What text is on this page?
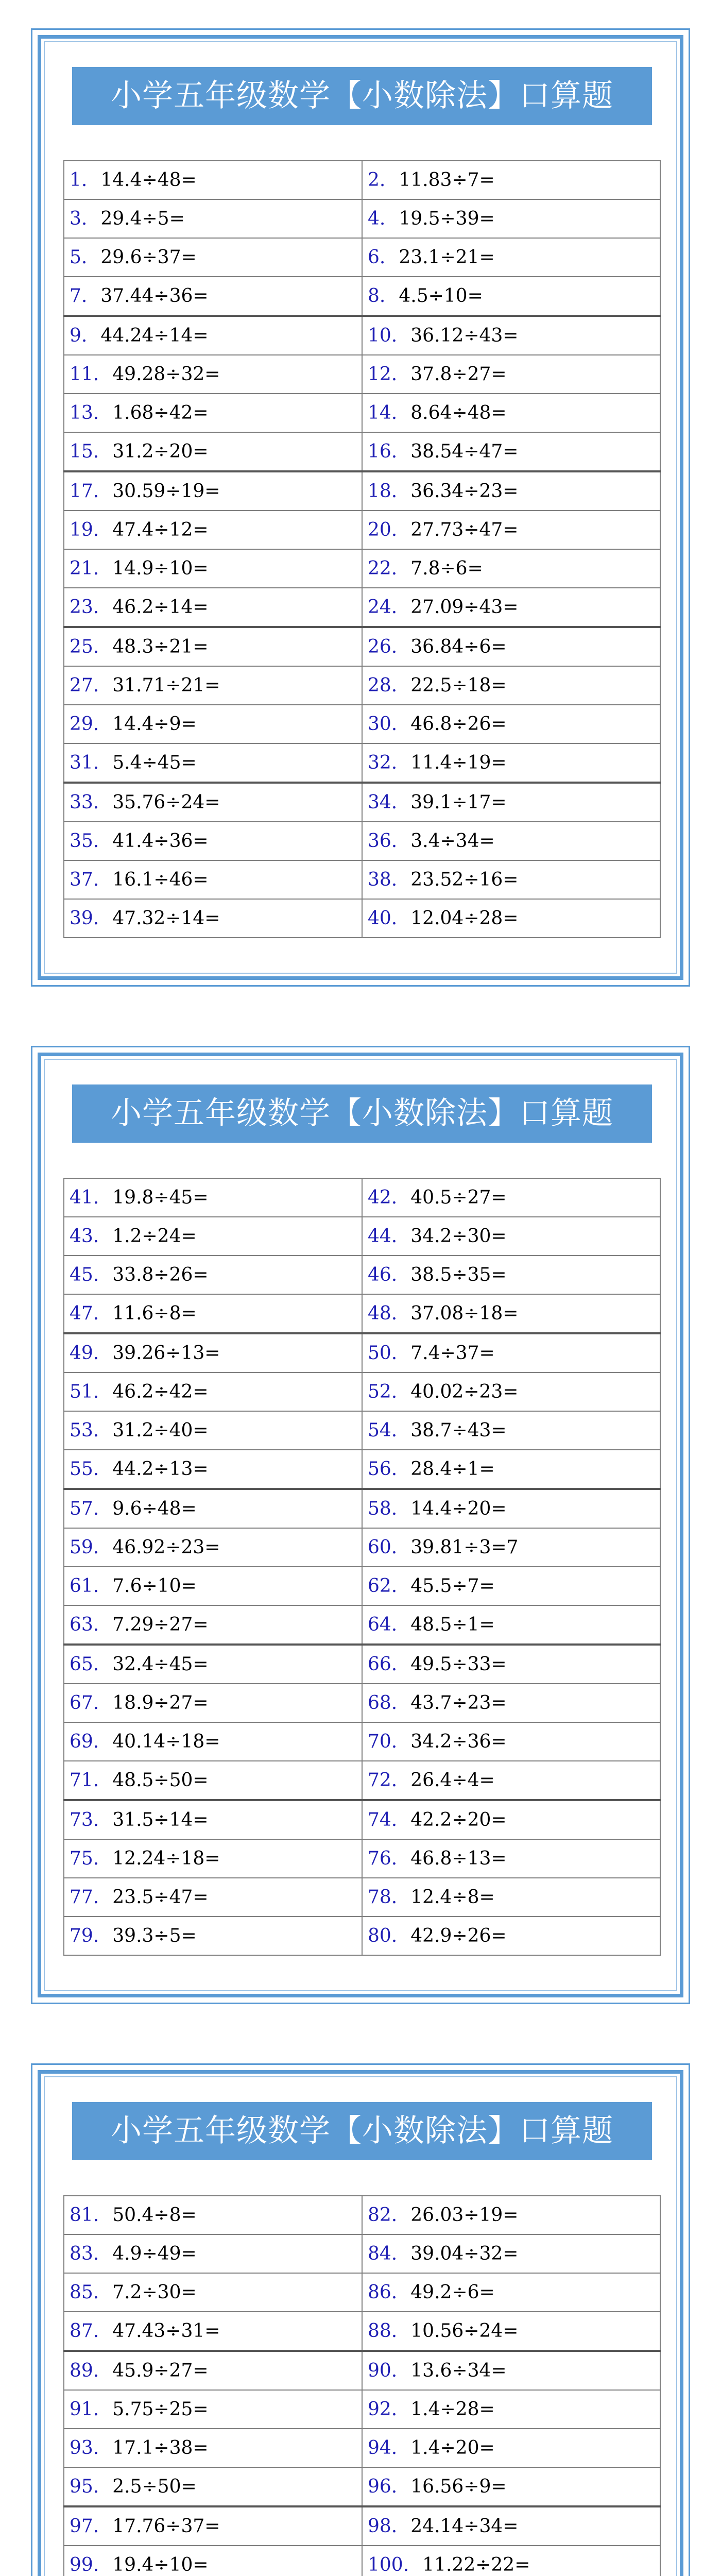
小学五年级数学【小数除法】口算题
1. 14.4÷48=	2. 11.83÷7=
3. 29.4÷5=	4. 19.5÷39=
5. 29.6÷37=	6. 23.1÷21=
7. 37.44÷36=	8. 4.5÷10=
9. 44.24÷14=	10. 36.12÷43=
11. 49.28÷32=	12. 37.8÷27=
13. 1.68÷42=	14. 8.64÷48=
15. 31.2÷20=	16. 38.54÷47=
17. 30.59÷19=	18. 36.34÷23=
19. 47.4÷12=	20. 27.73÷47=
21. 14.9÷10=	22. 7.8÷6=
23. 46.2÷14=	24. 27.09÷43=
25. 48.3÷21=	26. 36.84÷6=
27. 31.71÷21=	28. 22.5÷18=
29. 14.4÷9=	30. 46.8÷26=
31. 5.4÷45=	32. 11.4÷19=
33. 35.76÷24=	34. 39.1÷17=
35. 41.4÷36=	36. 3.4÷34=
37. 16.1÷46=	38. 23.52÷16=
39. 47.32÷14=	40. 12.04÷28=
小学五年级数学【小数除法】口算题
41. 19.8÷45=	42. 40.5÷27=
43. 1.2÷24=	44. 34.2÷30=
45. 33.8÷26=	46. 38.5÷35=
47. 11.6÷8=	48. 37.08÷18=
49. 39.26÷13=	50. 7.4÷37=
51. 46.2÷42=	52. 40.02÷23=
53. 31.2÷40=	54. 38.7÷43=
55. 44.2÷13=	56. 28.4÷1=
57. 9.6÷48=	58. 14.4÷20=
59. 46.92÷23=	60. 39.81÷3=7
61. 7.6÷10=	62. 45.5÷7=
63. 7.29÷27=	64. 48.5÷1=
65. 32.4÷45=	66. 49.5÷33=
67. 18.9÷27=	68. 43.7÷23=
69. 40.14÷18=	70. 34.2÷36=
71. 48.5÷50=	72. 26.4÷4=
73. 31.5÷14=	74. 42.2÷20=
75. 12.24÷18=	76. 46.8÷13=
77. 23.5÷47=	78. 12.4÷8=
79. 39.3÷5=	80. 42.9÷26=
小学五年级数学【小数除法】口算题
81. 50.4÷8=	82. 26.03÷19=
83. 4.9÷49=	84. 39.04÷32=
85. 7.2÷30=	86. 49.2÷6=
87. 47.43÷31=	88. 10.56÷24=
89. 45.9÷27=	90. 13.6÷34=
91. 5.75÷25=	92. 1.4÷28=
93. 17.1÷38=	94. 1.4÷20=
95. 2.5÷50=	96. 16.56÷9=
97. 17.76÷37=	98. 24.14÷34=
99. 19.4÷10=	100. 11.22÷22=
